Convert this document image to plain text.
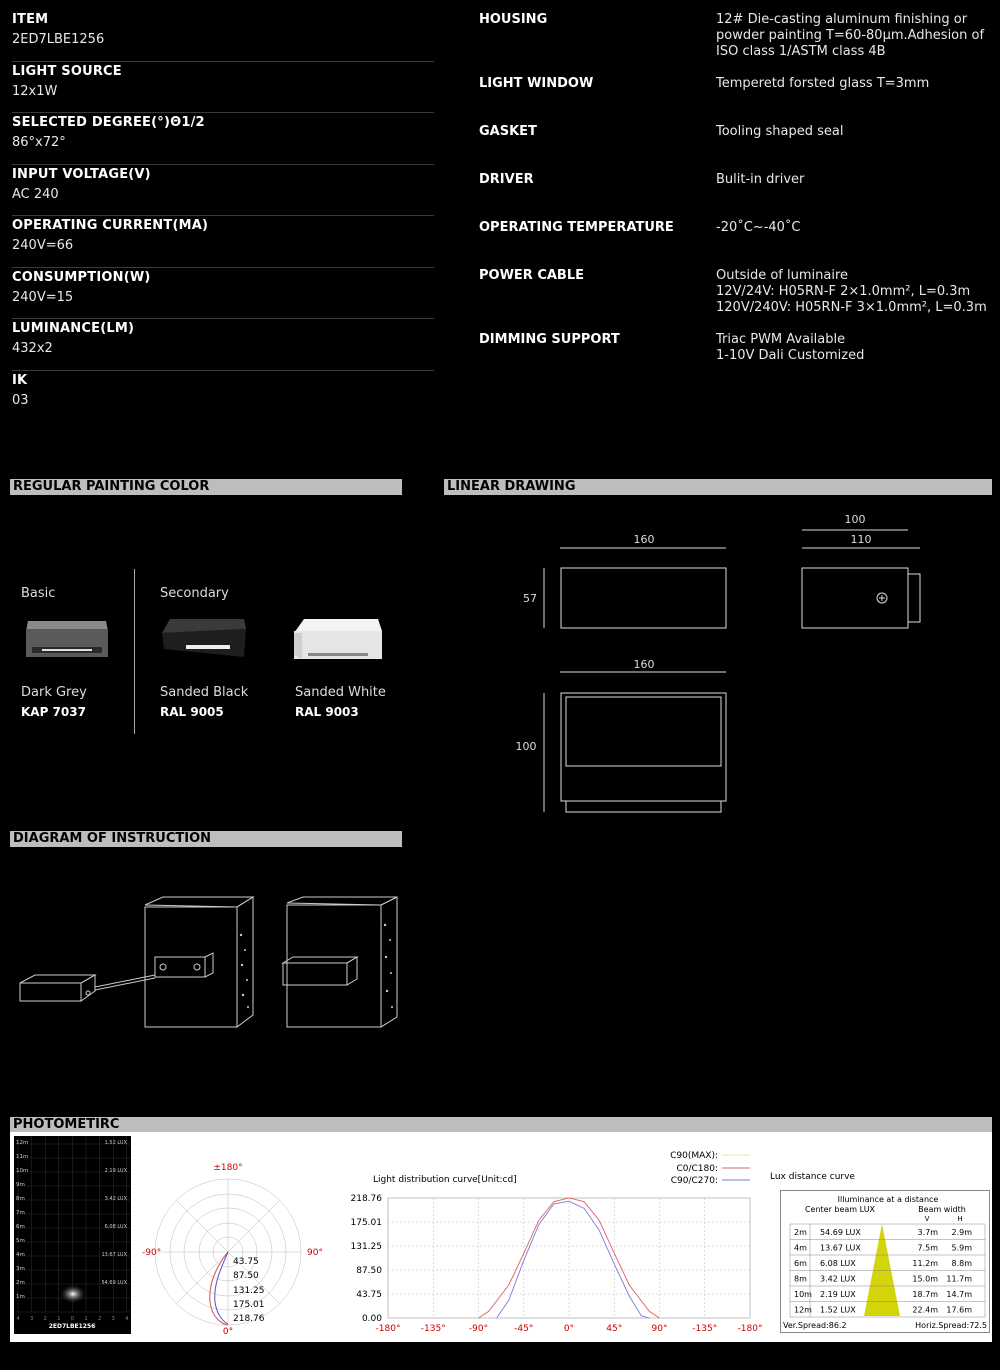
ITEM
2ED7LBE1256
LIGHT SOURCE
12x1W
SELECTED DEGREE(°)Θ1/2
86°x72°
INPUT VOLTAGE(V)
AC 240
OPERATING CURRENT(MA)
240V=66
CONSUMPTION(W)
240V=15
LUMINANCE(LM)
432x2
IK
03
HOUSING	12# Die-casting aluminum finishing or powder painting T=60-80μm.Adhesion of ISO class 1/ASTM class 4B
LIGHT WINDOW	Temperetd forsted glass T=3mm
GASKET	Tooling shaped seal
DRIVER	Bulit-in driver
OPERATING TEMPERATURE	-20˚C~-40˚C
POWER CABLE	Outside of luminaire
12V/24V: H05RN-F 2×1.0mm², L=0.3m
120V/240V: H05RN-F 3×1.0mm², L=0.3m
DIMMING SUPPORT	Triac PWM Available
1-10V Dali Customized
REGULAR PAINTING COLOR	LINEAR DRAWING
DIAGRAM OF INSTRUCTION
PHOTOMETIRC
Basic	Secondary
Dark Grey
KAP 7037
Sanded Black
RAL 9005
Sanded White
RAL 9003
160
57
100
110
160
100
2ED7LBE1256
12m
11m
10m
9m
8m
7m
6m
5m
4m
3m
2m
1m
1.52 LUX
2.19 LUX
3.42 LUX
6.08 LUX
13.67 LUX
54.69 LUX
4 3 2 1 0 1 2 3 4
±180°
-90°	90°
0°
43.75
87.50
131.25
175.01
218.76
Light distribution curve[Unit:cd]
C90(MAX):
C0/C180:
C90/C270:
0.00
43.75
87.50
131.25
175.01
218.76
-180° -135°	-90°	-45°	0°	45°	90°	-135° -180°
Lux distance curve
Illuminance at a distance
Center beam LUX	Beam width
V	H
2m 54.69 LUX	3.7m 2.9m
4m 13.67 LUX	7.5m 5.9m
6m 6.08 LUX	11.2m 8.8m
8m 3.42 LUX	15.0m 11.7m
10m 2.19 LUX	18.7m 14.7m
12m 1.52 LUX	22.4m 17.6m
Ver.Spread:86.2	Horiz.Spread:72.5
